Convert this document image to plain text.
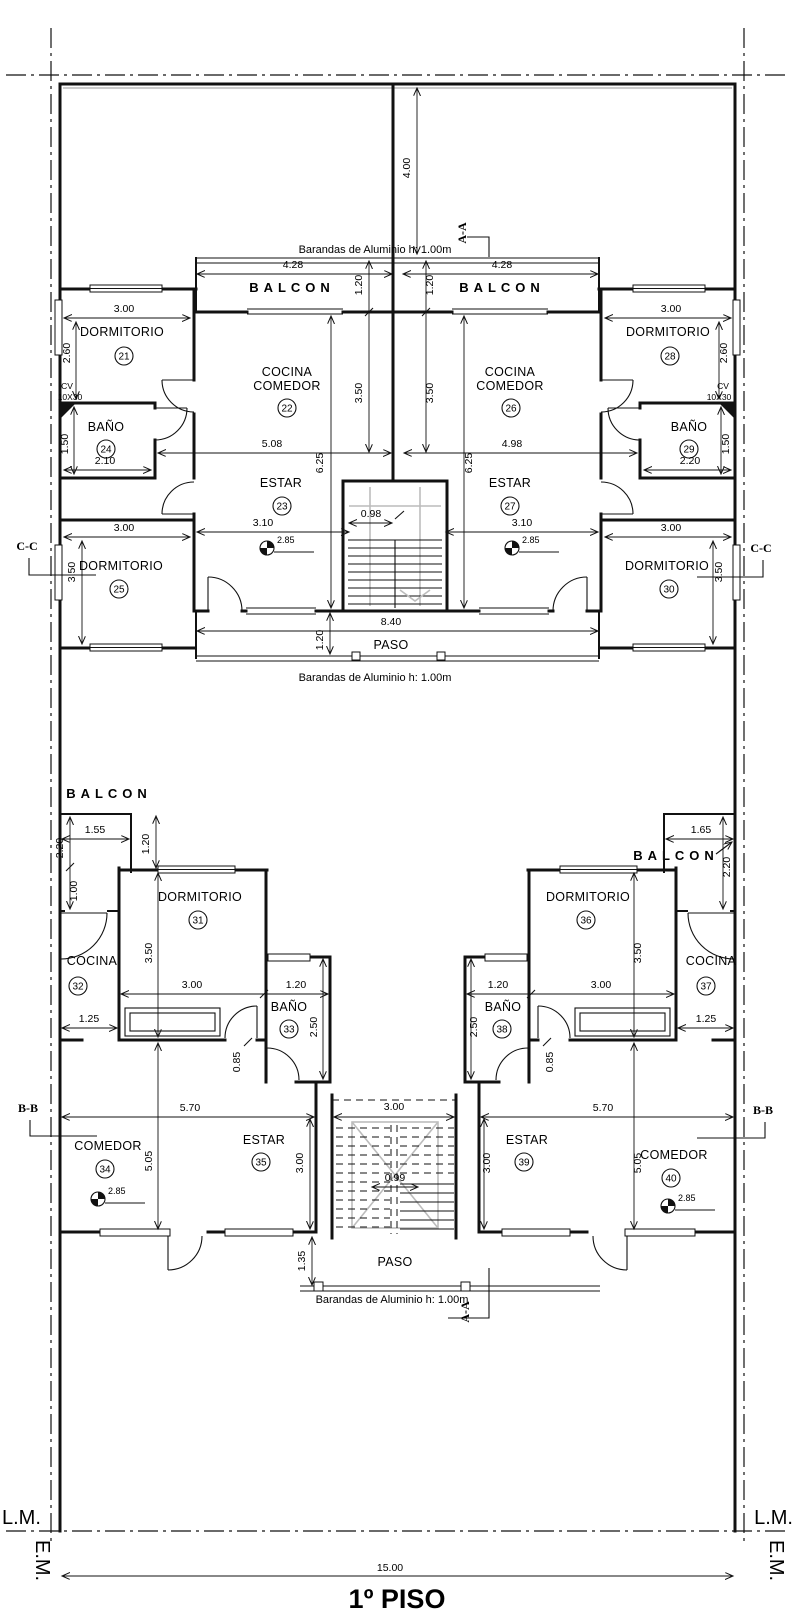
4.00
A-A
0.98
Barandas de Aluminio h: 1.00m
BALCON
4.28
1.20
3.50
3.00
2.60
DORMITORIO
21
CV
10X30
BAÑO
24
1.50
2.10
COCINA
COMEDOR
22
5.08
6.25
ESTAR
23
3.10
2.85
3.00
3.50 DORMITORIO
25
C-C
BALCON
4.28
1.20
3.50
3.00
2.60
DORMITORIO
28
CV
10X30
BAÑO
29 1.50
2.20
COCINA
COMEDOR
26
4.98
6.25
ESTAR
27
3.10
2.85
3.00
3.50
DORMITORIO
30
C-C
8.40
1.20	PASO
Barandas de Aluminio h: 1.00m
BALCON
BALCON
3.00
0.99
1.55
1.20
2.20
1.00	DORMITORIO
31
3.50
3.00	1.20
COCINA
32
1.25
BAÑO
33 2.50
0.85
5.70
COMEDOR
34	5.05
ESTAR
35	3.00
2.85
B-B
1.65
2.20
DORMITORIO
36
3.50
3.00
1.20
COCINA
37
1.25
BAÑO
38
2.50
0.85
5.70
ESTAR
39
3.00	COMEDOR
40
5.05
2.85
B-B
1.35	PASO
Barandas de Aluminio h: 1.00m
A-A
L.M.	L.M.
E.M.	E.M.
15.00
1º PISO
